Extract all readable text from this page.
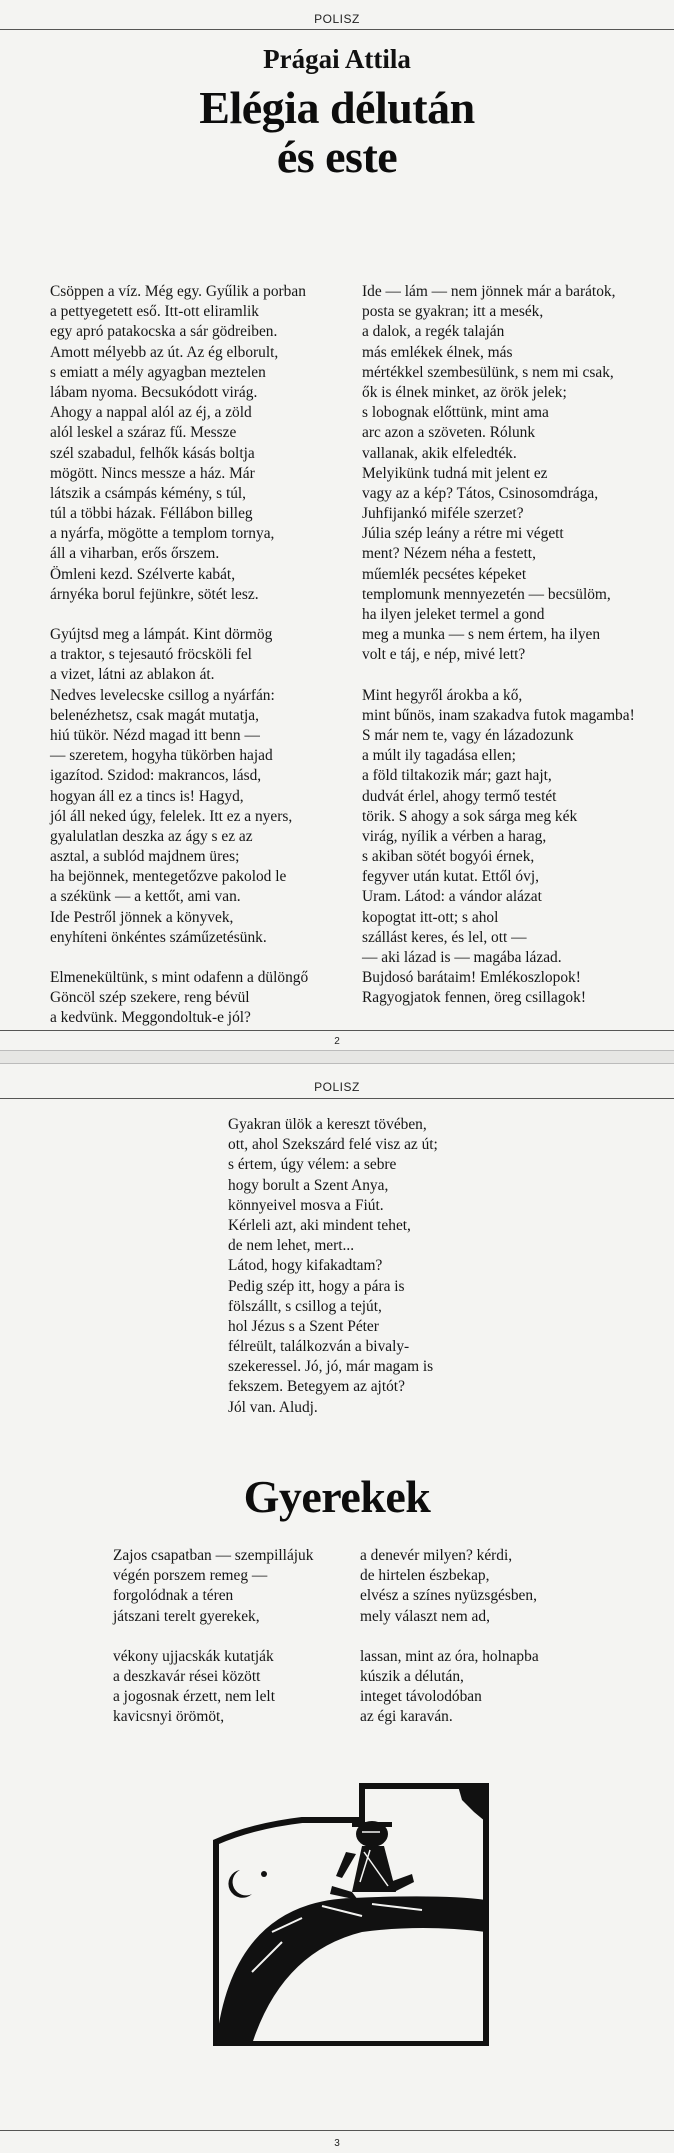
POLISZ
Prágai Attila
Elégia délután
és este
Csöppen a víz. Még egy. Gyűlik a porban
a pettyegetett eső. Itt-ott eliramlik
egy apró patakocska a sár gödreiben.
Amott mélyebb az út. Az ég elborult,
s emiatt a mély agyagban meztelen
lábam nyoma. Becsukódott virág.
Ahogy a nappal alól az éj, a zöld
alól leskel a száraz fű. Messze
szél szabadul, felhők kásás boltja
mögött. Nincs messze a ház. Már
látszik a csámpás kémény, s túl,
túl a többi házak. Féllábon billeg
a nyárfa, mögötte a templom tornya,
áll a viharban, erős őrszem.
Ömleni kezd. Szélverte kabát,
árnyéka borul fejünkre, sötét lesz.
Gyújtsd meg a lámpát. Kint dörmög
a traktor, s tejesautó fröcsköli fel
a vizet, látni az ablakon át.
Nedves levelecske csillog a nyárfán:
belenézhetsz, csak magát mutatja,
hiú tükör. Nézd magad itt benn —
— szeretem, hogyha tükörben hajad
igazítod. Szidod: makrancos, lásd,
hogyan áll ez a tincs is! Hagyd,
jól áll neked úgy, felelek. Itt ez a nyers,
gyalulatlan deszka az ágy s ez az
asztal, a sublód majdnem üres;
ha bejönnek, mentegetőzve pakolod le
a székünk — a kettőt, ami van.
Ide Pestről jönnek a könyvek,
enyhíteni önkéntes száműzetésünk.
Elmenekültünk, s mint odafenn a dülöngő
Göncöl szép szekere, reng bévül
a kedvünk. Meggondoltuk-e jól?
Ide — lám — nem jönnek már a barátok,
posta se gyakran; itt a mesék,
a dalok, a regék talaján
más emlékek élnek, más
mértékkel szembesülünk, s nem mi csak,
ők is élnek minket, az örök jelek;
s lobognak előttünk, mint ama
arc azon a szöveten. Rólunk
vallanak, akik elfeledték.
Melyikünk tudná mit jelent ez
vagy az a kép? Tátos, Csinosomdrága,
Juhfijankó miféle szerzet?
Júlia szép leány a rétre mi végett
ment? Nézem néha a festett,
műemlék pecsétes képeket
templomunk mennyezetén — becsülöm,
ha ilyen jeleket termel a gond
meg a munka — s nem értem, ha ilyen
volt e táj, e nép, mivé lett?
Mint hegyről árokba a kő,
mint bűnös, inam szakadva futok magamba!
S már nem te, vagy én lázadozunk
a múlt ily tagadása ellen;
a föld tiltakozik már; gazt hajt,
dudvát érlel, ahogy termő testét
törik. S ahogy a sok sárga meg kék
virág, nyílik a vérben a harag,
s akiban sötét bogyói érnek,
fegyver után kutat. Ettől óvj,
Uram. Látod: a vándor alázat
kopogtat itt-ott; s ahol
szállást keres, és lel, ott —
— aki lázad is — magába lázad.
Bujdosó barátaim! Emlékoszlopok!
Ragyogjatok fennen, öreg csillagok!
2
POLISZ
3
Gyakran ülök a kereszt tövében,
ott, ahol Szekszárd felé visz az út;
s értem, úgy vélem: a sebre
hogy borult a Szent Anya,
könnyeivel mosva a Fiút.
Kérleli azt, aki mindent tehet,
de nem lehet, mert...
Látod, hogy kifakadtam?
Pedig szép itt, hogy a pára is
fölszállt, s csillog a tejút,
hol Jézus s a Szent Péter
félreült, találkozván a bivaly-
szekeressel. Jó, jó, már magam is
fekszem. Betegyem az ajtót?
Jól van. Aludj.
Gyerekek
Zajos csapatban — szempillájuk
végén porszem remeg —
forgolódnak a téren
játszani terelt gyerekek,
vékony ujjacskák kutatják
a deszkavár rései között
a jogosnak érzett, nem lelt
kavicsnyi örömöt,
a denevér milyen? kérdi,
de hirtelen észbekap,
elvész a színes nyüzsgésben,
mely választ nem ad,
lassan, mint az óra, holnapba
kúszik a délután,
integet távolodóban
az égi karaván.
